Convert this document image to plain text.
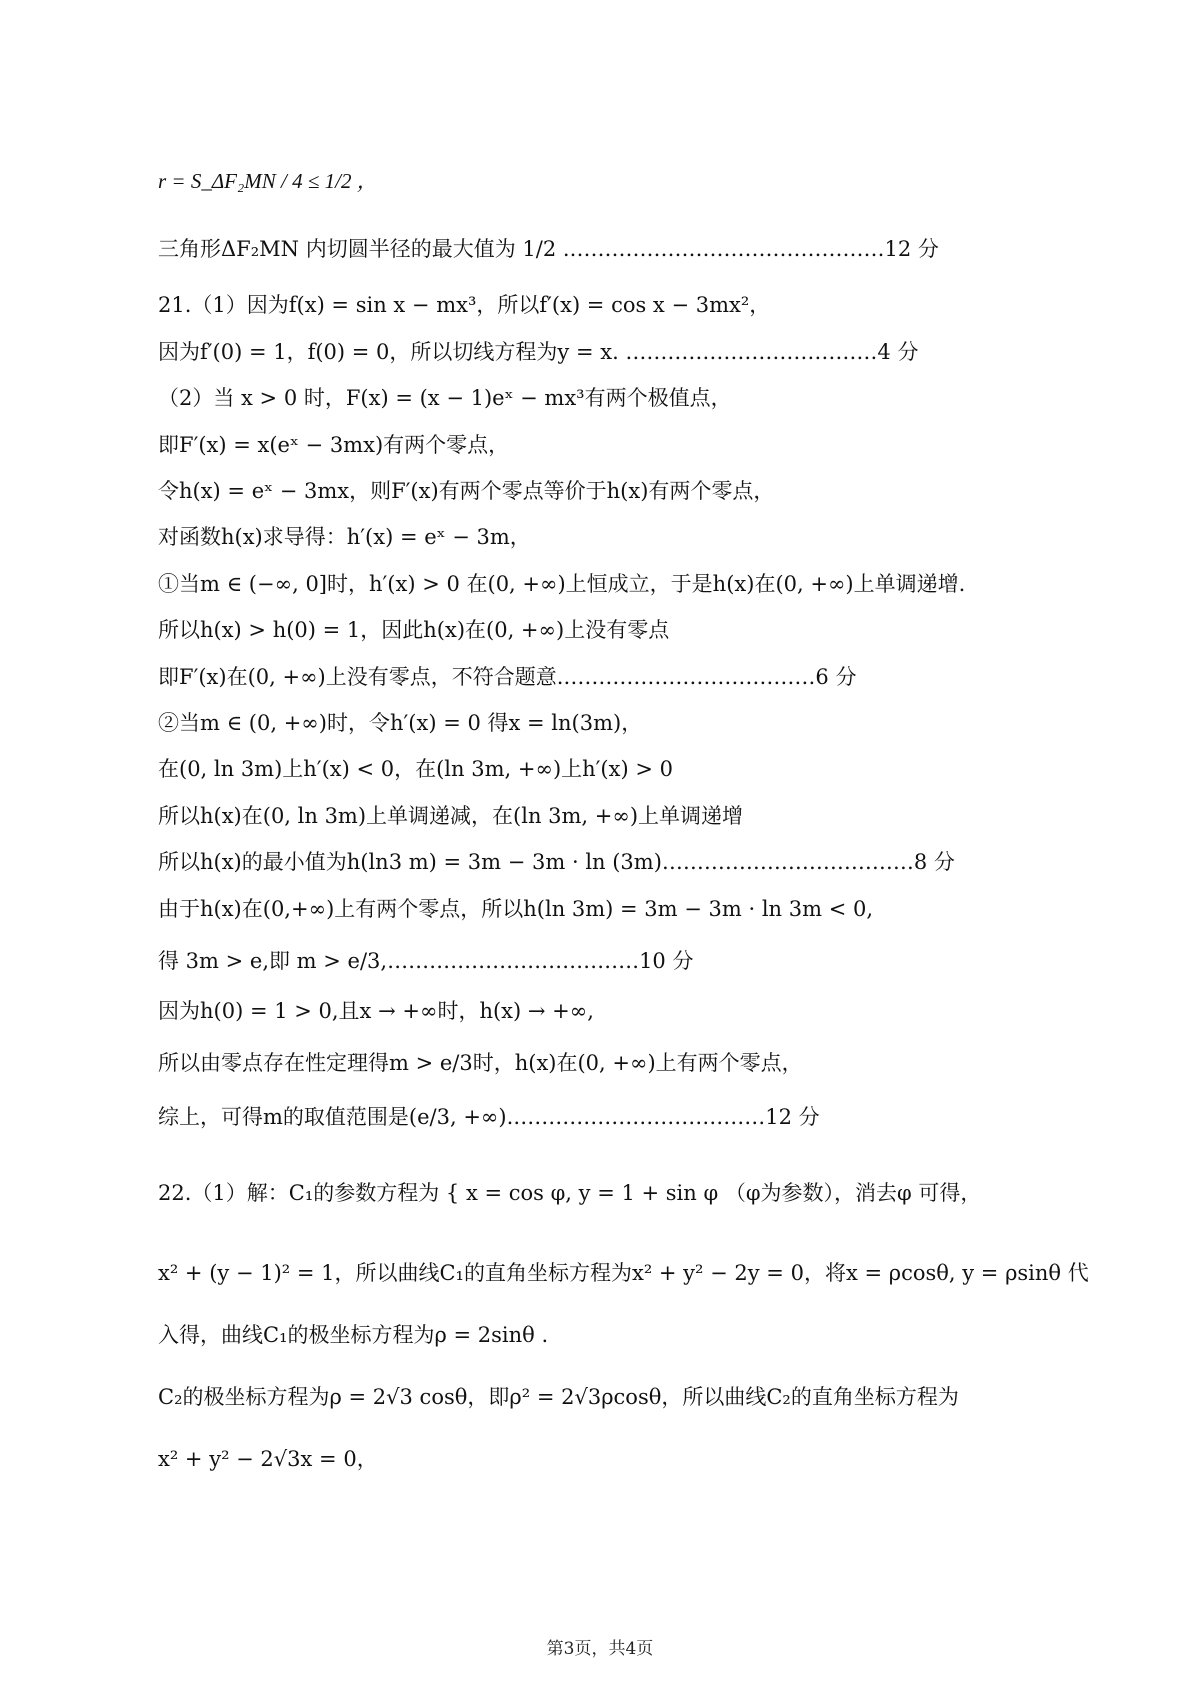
r = S_ΔF₂MN / 4 ≤ 1/2 ，
三角形ΔF₂MN 内切圆半径的最大值为 1/2 .………………………………………12 分
21.（1）因为f(x) = sin x − mx³，所以f′(x) = cos x − 3mx²，
因为f′(0) = 1，f(0) = 0，所以切线方程为y = x. ………………………………4 分
（2）当 x > 0 时，F(x) = (x − 1)eˣ − mx³有两个极值点，
即F′(x) = x(eˣ − 3mx)有两个零点，
令h(x) = eˣ − 3mx，则F′(x)有两个零点等价于h(x)有两个零点，
对函数h(x)求导得：h′(x) = eˣ − 3m，
①当m ∈ (−∞, 0]时，h′(x) > 0 在(0, +∞)上恒成立，于是h(x)在(0, +∞)上单调递增.
所以h(x) > h(0) = 1，因此h(x)在(0, +∞)上没有零点
即F′(x)在(0, +∞)上没有零点，不符合题意.………………………………6 分
②当m ∈ (0, +∞)时，令h′(x) = 0 得x = ln(3m)，
在(0, ln 3m)上h′(x) < 0，在(ln 3m, +∞)上h′(x) > 0
所以h(x)在(0, ln 3m)上单调递减，在(ln 3m, +∞)上单调递增
所以h(x)的最小值为h(ln3 m) = 3m − 3m · ln (3m)………………………………8 分
由于h(x)在(0,+∞)上有两个零点，所以h(ln 3m) = 3m − 3m · ln 3m < 0,
得 3m > e,即 m > e/3,………………………………10 分
因为h(0) = 1 > 0,且x → +∞时，h(x) → +∞,
所以由零点存在性定理得m > e/3时，h(x)在(0, +∞)上有两个零点，
综上，可得m的取值范围是(e/3, +∞).………………………………12 分
22.（1）解：C₁的参数方程为 { x = cos φ, y = 1 + sin φ （φ为参数），消去φ 可得，
x² + (y − 1)² = 1，所以曲线C₁的直角坐标方程为x² + y² − 2y = 0，将x = ρcosθ, y = ρsinθ 代
入得，曲线C₁的极坐标方程为ρ = 2sinθ .
C₂的极坐标方程为ρ = 2√3 cosθ，即ρ² = 2√3ρcosθ，所以曲线C₂的直角坐标方程为
x² + y² − 2√3x = 0，
第3页，共4页
